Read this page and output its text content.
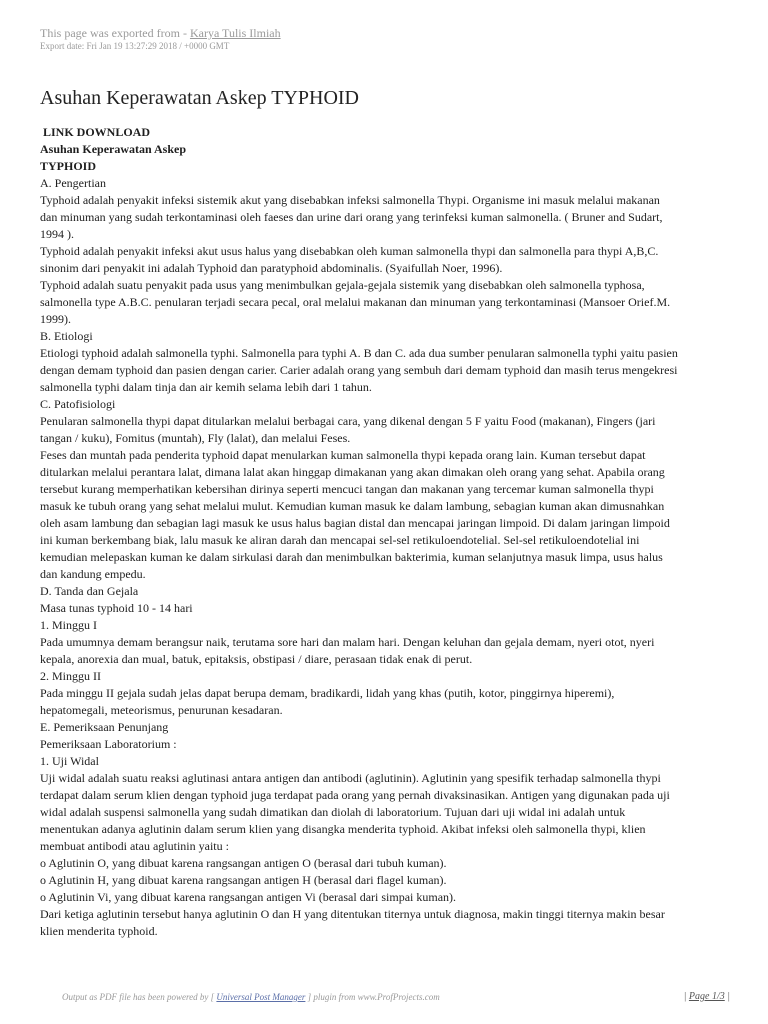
This page was exported from - Karya Tulis Ilmiah
Export date: Fri Jan 19 13:27:29 2018 / +0000 GMT
Asuhan Keperawatan Askep TYPHOID

LINK DOWNLOAD

Asuhan Keperawatan Askep

TYPHOID

A. Pengertian

Typhoid adalah penyakit infeksi sistemik akut yang disebabkan infeksi salmonella Thypi. Organisme ini masuk melalui makanan

dan minuman yang sudah terkontaminasi oleh faeses dan urine dari orang yang terinfeksi kuman salmonella. ( Bruner and Sudart,

1994 ).

Typhoid adalah penyakit infeksi akut usus halus yang disebabkan oleh kuman salmonella thypi dan salmonella para thypi A,B,C.

sinonim dari penyakit ini adalah Typhoid dan paratyphoid abdominalis. (Syaifullah Noer, 1996).

Typhoid adalah suatu penyakit pada usus yang menimbulkan gejala-gejala sistemik yang disebabkan oleh salmonella typhosa,

salmonella type A.B.C. penularan terjadi secara pecal, oral melalui makanan dan minuman yang terkontaminasi (Mansoer Orief.M.

1999).

B. Etiologi

Etiologi typhoid adalah salmonella typhi. Salmonella para typhi A. B dan C. ada dua sumber penularan salmonella typhi yaitu pasien

dengan demam typhoid dan pasien dengan carier. Carier adalah orang yang sembuh dari demam typhoid dan masih terus mengekresi

salmonella typhi dalam tinja dan air kemih selama lebih dari 1 tahun.

C. Patofisiologi

Penularan salmonella thypi dapat ditularkan melalui berbagai cara, yang dikenal dengan 5 F yaitu Food (makanan), Fingers (jari

tangan / kuku), Fomitus (muntah), Fly (lalat), dan melalui Feses.

Feses dan muntah pada penderita typhoid dapat menularkan kuman salmonella thypi kepada orang lain. Kuman tersebut dapat

ditularkan melalui perantara lalat, dimana lalat akan hinggap dimakanan yang akan dimakan oleh orang yang sehat. Apabila orang

tersebut kurang memperhatikan kebersihan dirinya seperti mencuci tangan dan makanan yang tercemar kuman salmonella thypi

masuk ke tubuh orang yang sehat melalui mulut. Kemudian kuman masuk ke dalam lambung, sebagian kuman akan dimusnahkan

oleh asam lambung dan sebagian lagi masuk ke usus halus bagian distal dan mencapai jaringan limpoid. Di dalam jaringan limpoid

ini kuman berkembang biak, lalu masuk ke aliran darah dan mencapai sel-sel retikuloendotelial. Sel-sel retikuloendotelial ini

kemudian melepaskan kuman ke dalam sirkulasi darah dan menimbulkan bakterimia, kuman selanjutnya masuk limpa, usus halus

dan kandung empedu.

D. Tanda dan Gejala

Masa tunas typhoid 10 - 14 hari

1. Minggu I

Pada umumnya demam berangsur naik, terutama sore hari dan malam hari. Dengan keluhan dan gejala demam, nyeri otot, nyeri

kepala, anorexia dan mual, batuk, epitaksis, obstipasi / diare, perasaan tidak enak di perut.

2. Minggu II

Pada minggu II gejala sudah jelas dapat berupa demam, bradikardi, lidah yang khas (putih, kotor, pinggirnya hiperemi),

hepatomegali, meteorismus, penurunan kesadaran.

E. Pemeriksaan Penunjang

Pemeriksaan Laboratorium :

1. Uji Widal

Uji widal adalah suatu reaksi aglutinasi antara antigen dan antibodi (aglutinin). Aglutinin yang spesifik terhadap salmonella thypi

terdapat dalam serum klien dengan typhoid juga terdapat pada orang yang pernah divaksinasikan. Antigen yang digunakan pada uji

widal adalah suspensi salmonella yang sudah dimatikan dan diolah di laboratorium. Tujuan dari uji widal ini adalah untuk

menentukan adanya aglutinin dalam serum klien yang disangka menderita typhoid. Akibat infeksi oleh salmonella thypi, klien

membuat antibodi atau aglutinin yaitu :

o Aglutinin O, yang dibuat karena rangsangan antigen O (berasal dari tubuh kuman).

o Aglutinin H, yang dibuat karena rangsangan antigen H (berasal dari flagel kuman).

o Aglutinin Vi, yang dibuat karena rangsangan antigen Vi (berasal dari simpai kuman).

Dari ketiga aglutinin tersebut hanya aglutinin O dan H yang ditentukan titernya untuk diagnosa, makin tinggi titernya makin besar

klien menderita typhoid.

Output as PDF file has been powered by [ Universal Post Manager ] plugin from www.ProfProjects.com	| Page 1/3 |
